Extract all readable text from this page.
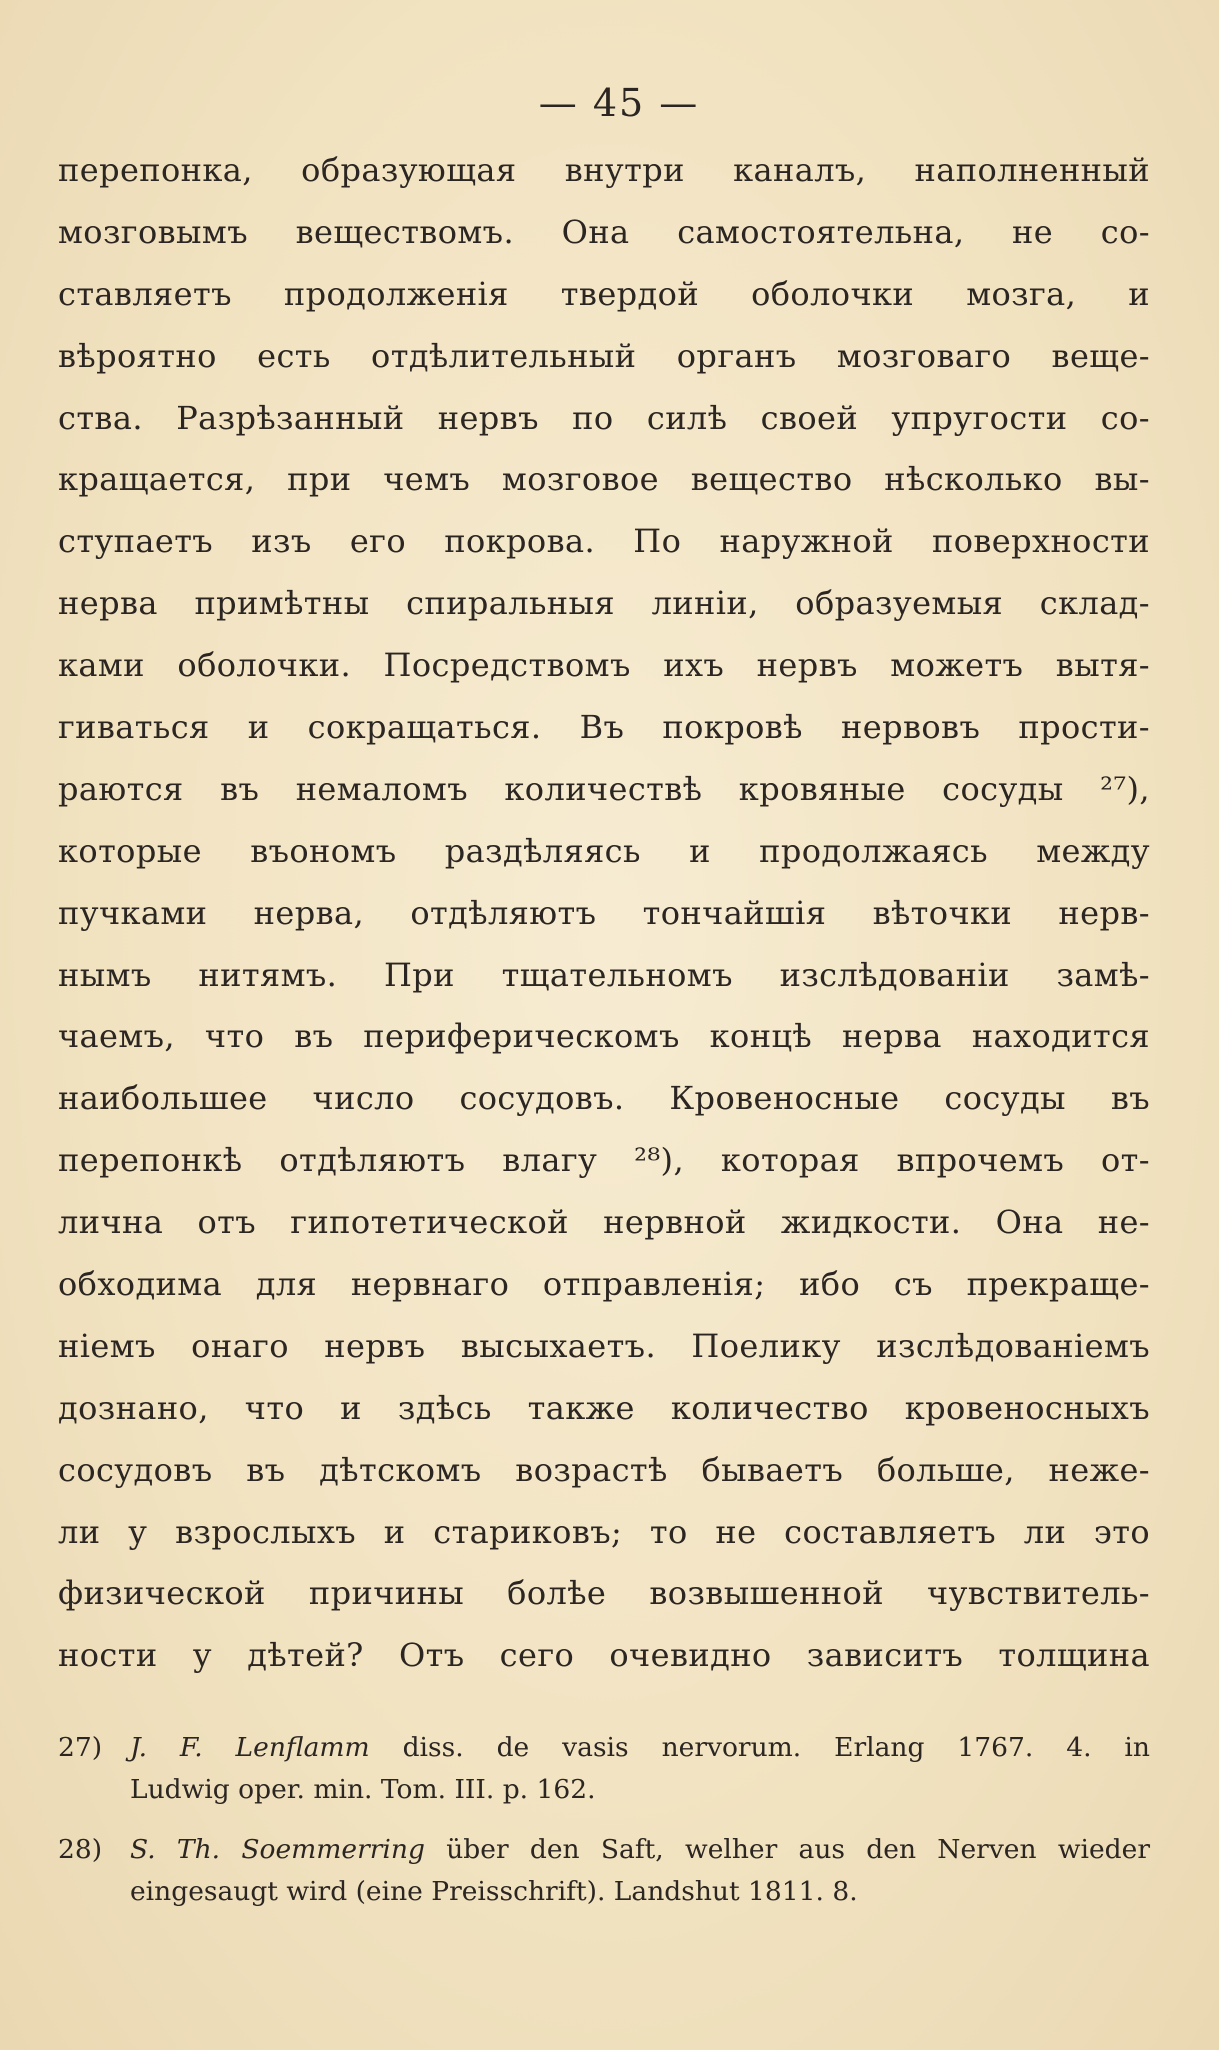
— 45 —
перепонка, образующая внутри каналъ, наполненный
мозговымъ веществомъ. Она самостоятельна, не со-
ставляетъ продолженія твердой оболочки мозга, и
вѣроятно есть отдѣлительный органъ мозговаго веще-
ства. Разрѣзанный нервъ по силѣ своей упругости со-
кращается, при чемъ мозговое вещество нѣсколько вы-
ступаетъ изъ его покрова. По наружной поверхности
нерва примѣтны спиральныя линіи, образуемыя склад-
ками оболочки. Посредствомъ ихъ нервъ можетъ вытя-
гиваться и сокращаться. Въ покровѣ нервовъ прости-
раются въ немаломъ количествѣ кровяные сосуды ²⁷),
которые въономъ раздѣляясь и продолжаясь между
пучками нерва, отдѣляютъ тончайшія вѣточки нерв-
нымъ нитямъ. При тщательномъ изслѣдованіи замѣ-
чаемъ, что въ периферическомъ концѣ нерва находится
наибольшее число сосудовъ. Кровеносные сосуды въ
перепонкѣ отдѣляютъ влагу ²⁸), которая впрочемъ от-
лична отъ гипотетической нервной жидкости. Она не-
обходима для нервнаго отправленія; ибо съ прекраще-
ніемъ онаго нервъ высыхаетъ. Поелику изслѣдованіемъ
дознано, что и здѣсь также количество кровеносныхъ
сосудовъ въ дѣтскомъ возрастѣ бываетъ больше, неже-
ли у взрослыхъ и стариковъ; то не составляетъ ли это
физической причины болѣе возвышенной чувствитель-
ности у дѣтей? Отъ сего очевидно зависитъ толщина
27) J. F. Lenflamm diss. de vasis nervorum. Erlang 1767. 4. in
Ludwig oper. min. Tom. III. p. 162.
28) S. Th. Soemmerring über den Saft, welher aus den Nerven wieder
eingesaugt wird (eine Preisschrift). Landshut 1811. 8.
